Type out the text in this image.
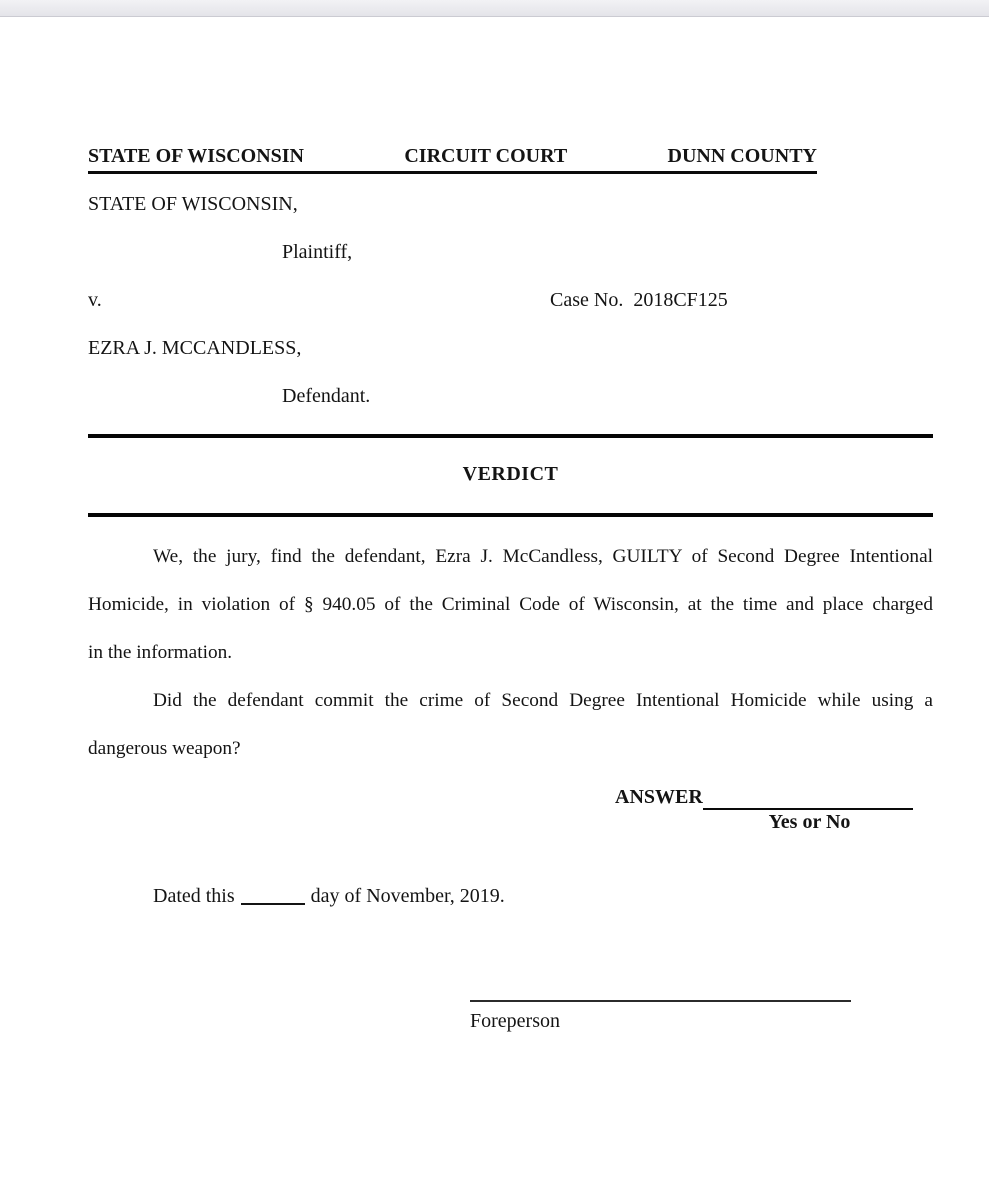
STATE OF WISCONSIN	CIRCUIT COURT	DUNN COUNTY
STATE OF WISCONSIN,
Plaintiff,
v.	Case No.  2018CF125
EZRA J. MCCANDLESS,
Defendant.
VERDICT
We, the jury, find the defendant, Ezra J. McCandless, GUILTY of Second Degree Intentional
Homicide, in violation of § 940.05 of the Criminal Code of Wisconsin, at the time and place charged
in the information.
Did the defendant commit the crime of Second Degree Intentional Homicide while using a
dangerous weapon?
ANSWER
Yes or No
Dated this	day of November, 2019.
Foreperson
